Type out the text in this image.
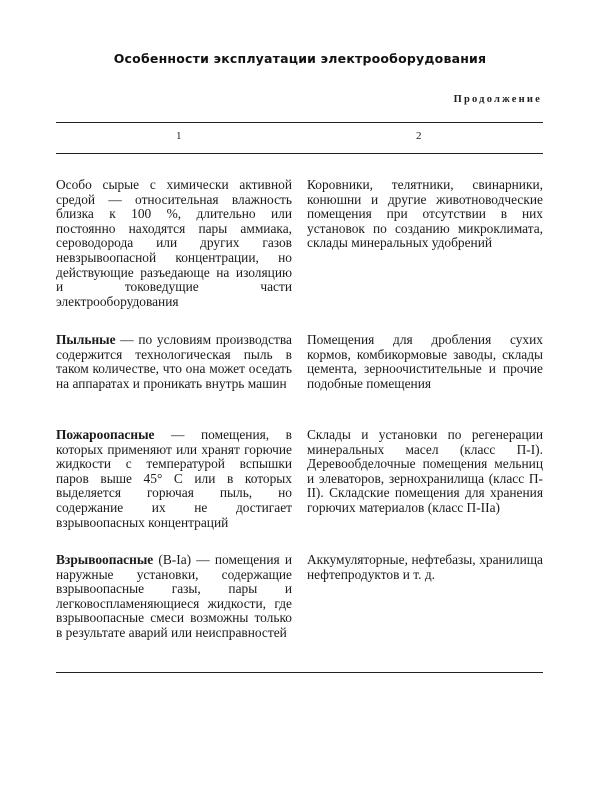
Особенности эксплуатации электрооборудования
Продолжение
1	2
Особо сырые с химически активной средой — относительная влажность близка к 100 %, длительно или постоянно находятся пары аммиака, сероводорода или других газов невзрывоопасной концентрации, но действующие разъедающе на изоляцию и токоведущие части электрооборудования
Коровники, телятники, свинарники, конюшни и другие животноводческие помещения при отсутствии в них установок по созданию микроклимата, склады минеральных удобрений
Пыльные — по условиям производства содержится технологическая пыль в таком количестве, что она может оседать на аппаратах и проникать внутрь машин
Помещения для дробления сухих кормов, комбикормовые заводы, склады цемента, зерноочистительные и прочие подобные помещения
Пожароопасные — помещения, в которых применяют или хранят горючие жидкости с температурой вспышки паров выше 45° С или в которых выделяется горючая пыль, но содержание их не достигает взрывоопасных концентраций
Склады и установки по регенерации минеральных масел (класс П-I). Деревообделочные помещения мельниц и элеваторов, зернохранилища (класс П-II). Складские помещения для хранения горючих материалов (класс П-IIа)
Взрывоопасные (B-Ia) — помещения и наружные установки, содержащие взрывоопасные газы, пары и легковоспламеняющиеся жидкости, где взрывоопасные смеси возможны только в результате аварий или неисправностей
Аккумуляторные, нефтебазы, хранилища нефтепродуктов и т. д.
